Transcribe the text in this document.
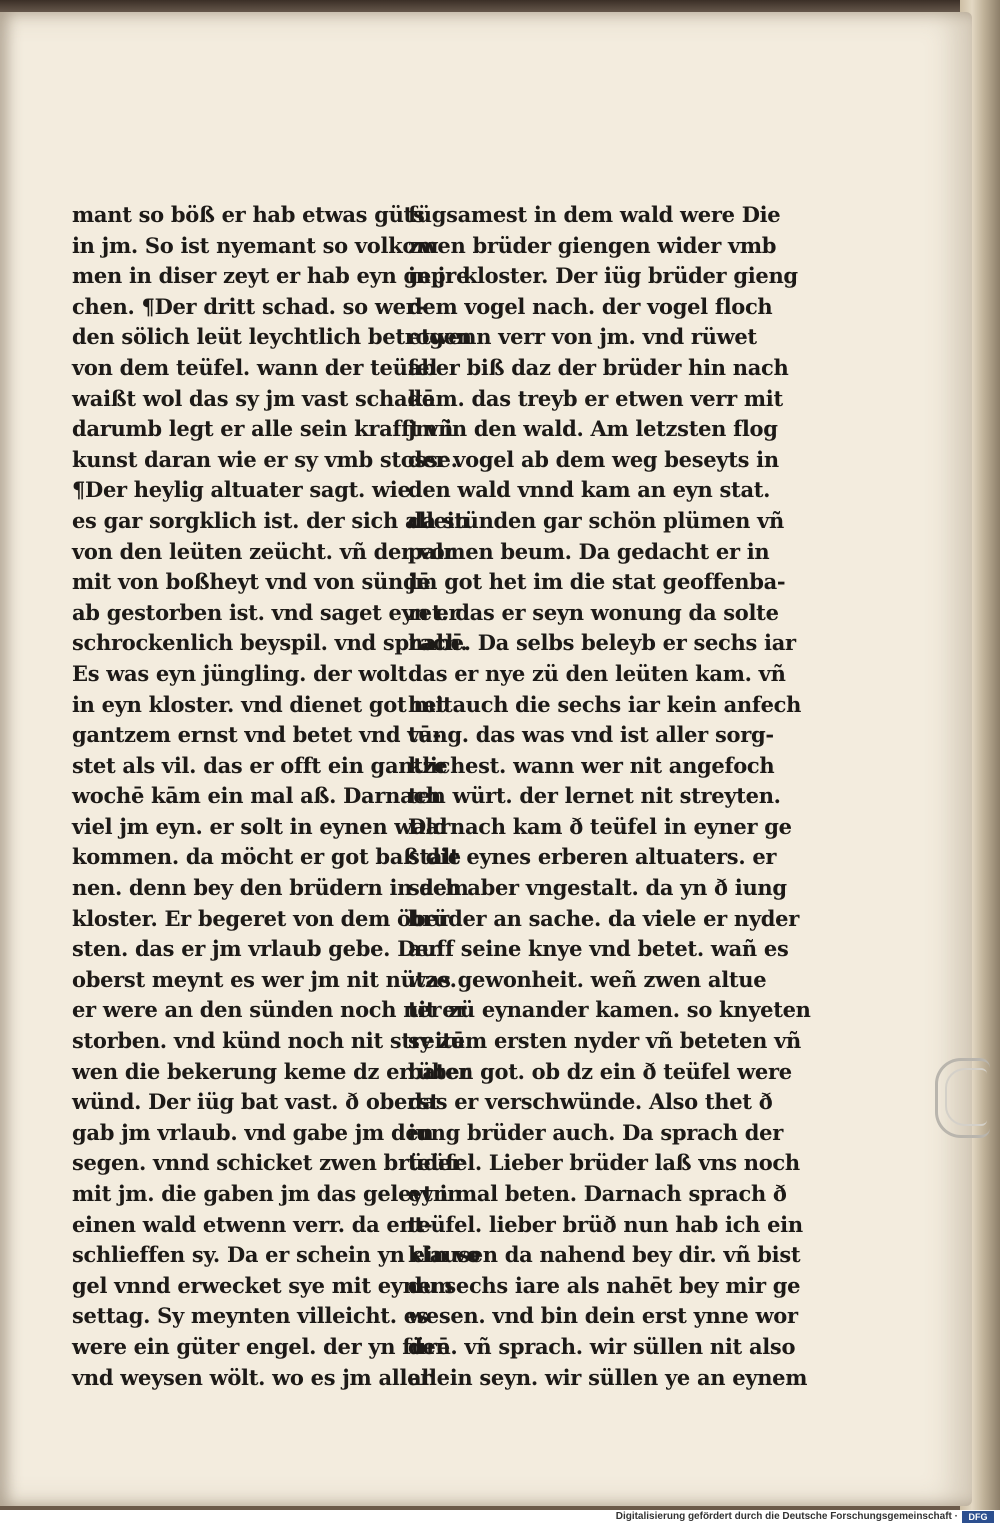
mant so böß er hab etwas güts
in jm. So ist nyemant so volkom
men in diser zeyt er hab eyn gepre
chen. ¶Der dritt schad. so wer-
den sölich leüt leychtlich betrogen
von dem teüfel. wann der teüfel
waißt wol das sy jm vast schadē
darumb legt er alle sein krafft vñ
kunst daran wie er sy vmb stosse.
¶Der heylig altuater sagt. wie
es gar sorgklich ist. der sich allein
von den leüten zeücht. vñ der vor
mit von boßheyt vnd von sündē
ab gestorben ist. vnd saget eyn er
schrockenlich beyspil. vnd sprach.
Es was eyn jüngling. der wolt
in eyn kloster. vnd dienet got mit
gantzem ernst vnd betet vnd vā-
stet als vil. das er offt ein gantze
wochē kām ein mal aß. Darnach
viel jm eyn. er solt in eynen wald
kommen. da möcht er got baß die
nen. denn bey den brüdern in dem
kloster. Er begeret von dem öber
sten. das er jm vrlaub gebe. Der
oberst meynt es wer jm nit nütze.
er were an den sünden noch nit er
storben. vnd künd noch nit streitē
wen die bekerung keme dz er über
wünd. Der iüg bat vast. ð oberst
gab jm vrlaub. vnd gabe jm den
segen. vnnd schicket zwen brüder
mit jm. die gaben jm das geleyt in
einen wald etwenn verr. da ent-
schlieffen sy. Da er schein yn ein vo
gel vnnd erwecket sye mit eynem
settag. Sy meynten villeicht. es
were ein güter engel. der yn fürē
vnd weysen wölt. wo es jm aller
fügsamest in dem wald were Die
zwen brüder giengen wider vmb
in jr kloster. Der iüg brüder gieng
dem vogel nach. der vogel floch
etwenn verr von jm. vnd rüwet
aber biß daz der brüder hin nach
kam. das treyb er etwen verr mit
jm in den wald. Am letzsten flog
der vogel ab dem weg beseyts in
den wald vnnd kam an eyn stat.
da stünden gar schön plümen vñ
palmen beum. Da gedacht er in
jm got het im die stat geoffenba-
ret. das er seyn wonung da solte
habē. Da selbs beleyb er sechs iar
das er nye zü den leüten kam. vñ
het auch die sechs iar kein anfech
tung. das was vnd ist aller sorg-
klichest. wann wer nit angefoch
ten würt. der lernet nit streyten.
Darnach kam ð teüfel in eyner ge
stalt eynes erberen altuaters. er
sach aber vngestalt. da yn ð iung
brüder an sache. da viele er nyder
auff seine knye vnd betet. wañ es
was gewonheit. weñ zwen altue
ter zü eynander kamen. so knyeten
sy zum ersten nyder vñ beteten vñ
baten got. ob dz ein ð teüfel were
das er verschwünde. Also thet ð
iung brüder auch. Da sprach der
teüfel. Lieber brüder laß vns noch
eyn mal beten. Darnach sprach ð
teüfel. lieber brüð nun hab ich ein
klausen da nahend bey dir. vñ bist
du sechs iare als nahēt bey mir ge
wesen. vnd bin dein erst ynne wor
den. vñ sprach. wir süllen nit also
allein seyn. wir süllen ye an eynem
Digitalisierung gefördert durch die Deutsche Forschungsgemeinschaft ·	DFG
